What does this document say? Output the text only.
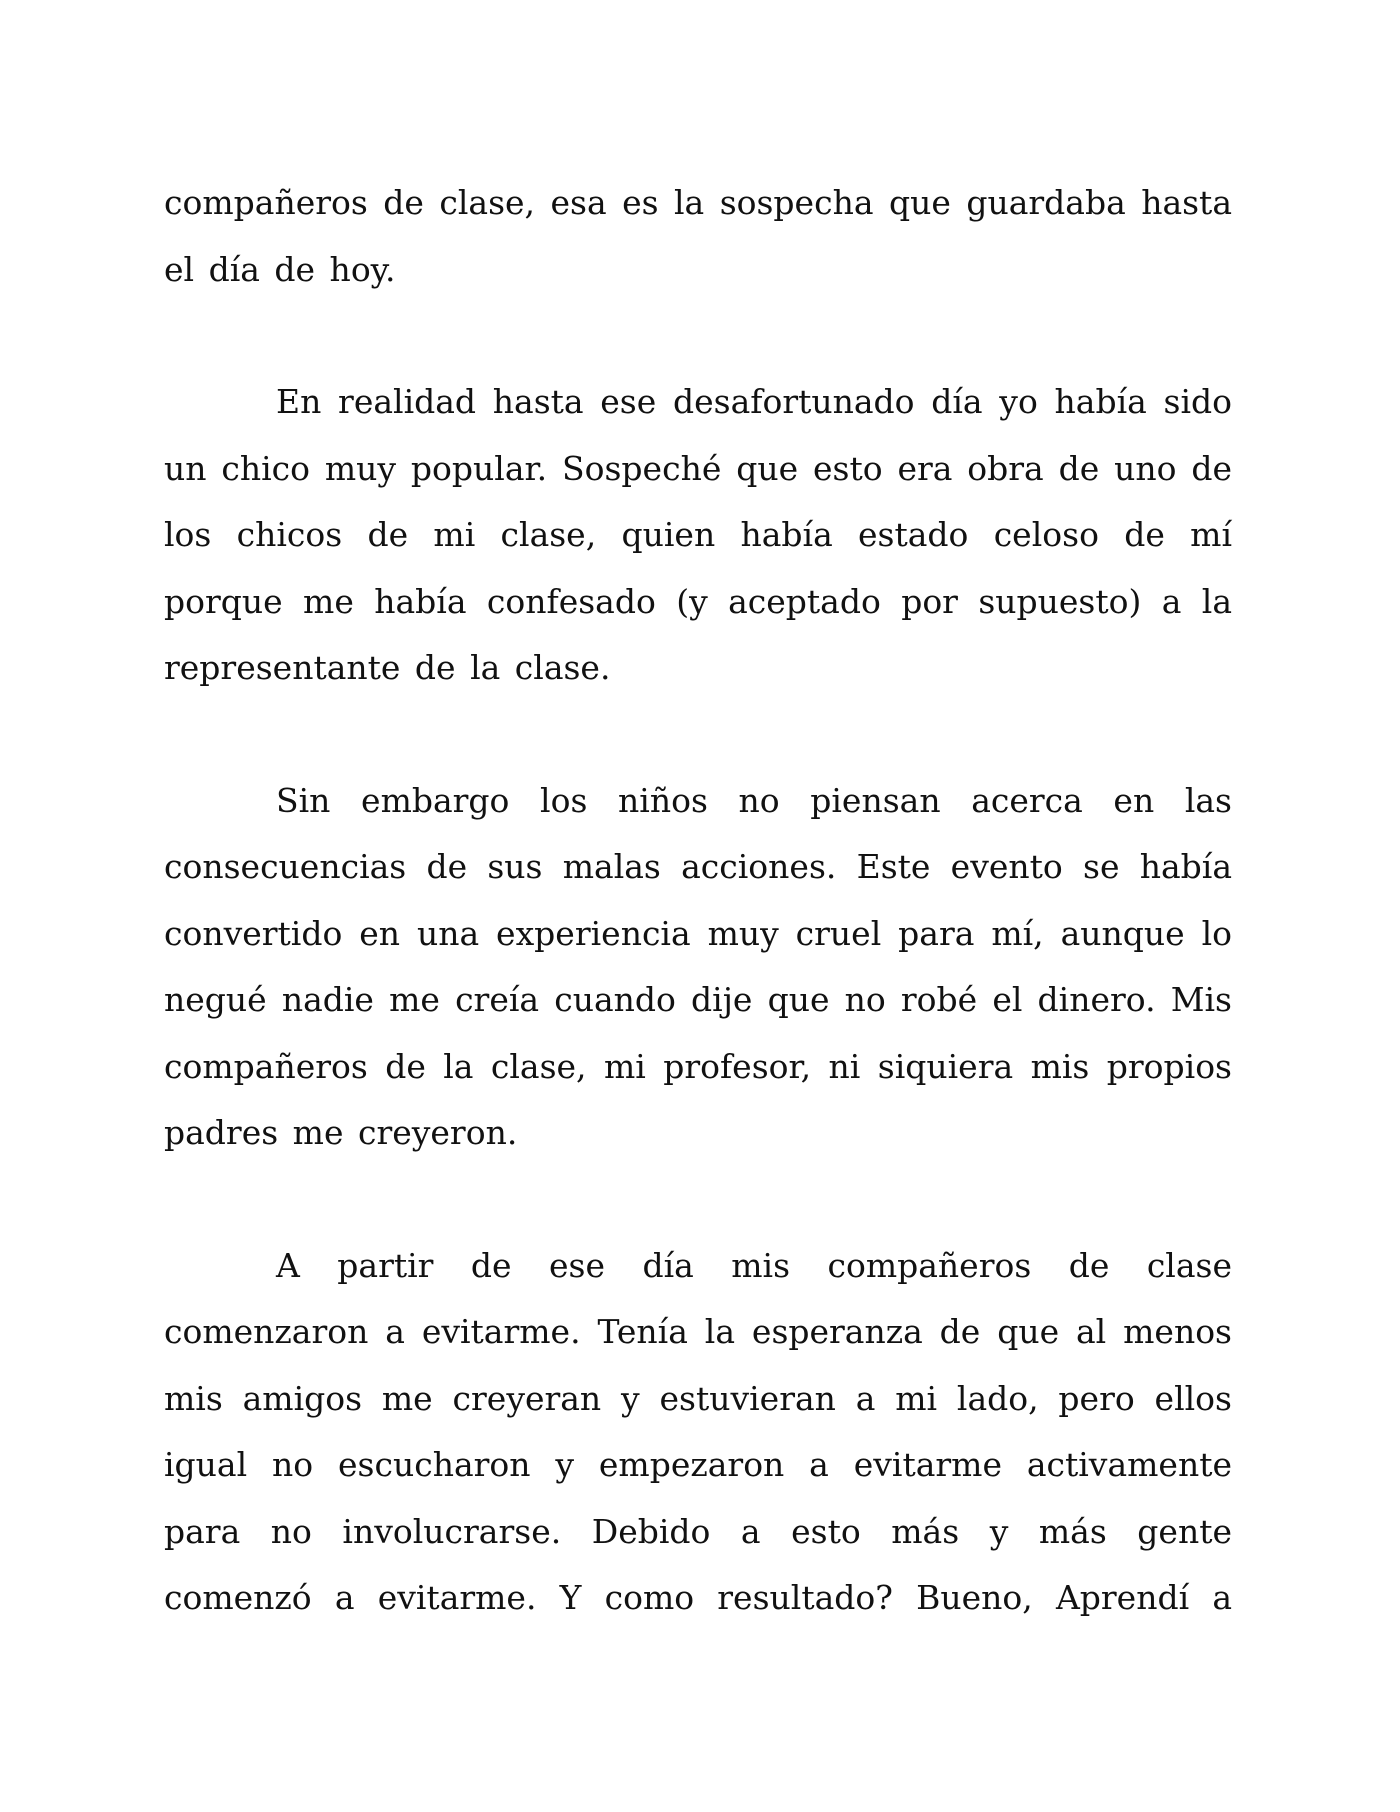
compañeros de clase, esa es la sospecha que guardaba hasta el día de hoy.

En realidad hasta ese desafortunado día yo había sido un chico muy popular. Sospeché que esto era obra de uno de los chicos de mi clase, quien había estado celoso de mí porque me había confesado (y aceptado por supuesto) a la representante de la clase.

Sin embargo los niños no piensan acerca en las consecuencias de sus malas acciones. Este evento se había convertido en una experiencia muy cruel para mí, aunque lo negué nadie me creía cuando dije que no robé el dinero. Mis compañeros de la clase, mi profesor, ni siquiera mis propios padres me creyeron.

A partir de ese día mis compañeros de clase comenzaron a evitarme. Tenía la esperanza de que al menos mis amigos me creyeran y estuvieran a mi lado, pero ellos igual no escucharon y empezaron a evitarme activamente para no involucrarse. Debido a esto más y más gente comenzó a evitarme. Y como resultado? Bueno, Aprendí a
